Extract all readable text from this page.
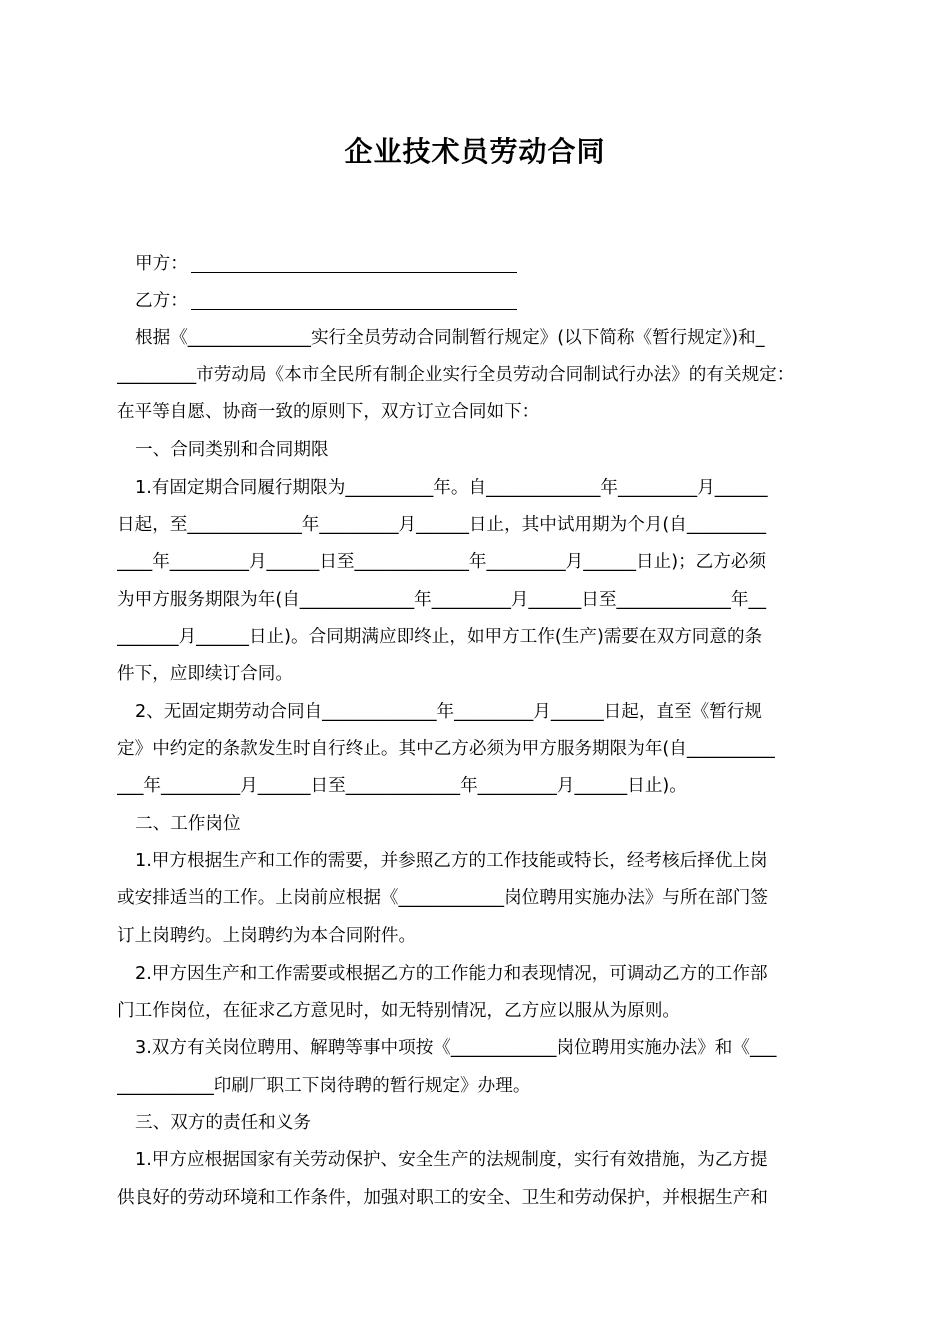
企业技术员劳动合同
甲方：
乙方：
根据《______________实行全员劳动合同制暂行规定》(以下简称《暂行规定》)和_
_________市劳动局《本市全民所有制企业实行全员劳动合同制试行办法》的有关规定：
在平等自愿、协商一致的原则下，双方订立合同如下：
一、合同类别和合同期限
1.有固定期合同履行期限为__________年。自_____________年_________月______
日起，至_____________年_________月______日止，其中试用期为个月(自_________
____年_________月______日至_____________年_________月______日止)；乙方必须
为甲方服务期限为年(自_____________年_________月______日至_____________年__
_______月______日止)。合同期满应即终止，如甲方工作(生产)需要在双方同意的条
件下，应即续订合同。
2、无固定期劳动合同自_____________年_________月______日起，直至《暂行规
定》中约定的条款发生时自行终止。其中乙方必须为甲方服务期限为年(自__________
___年_________月______日至_____________年_________月______日止)。
二、工作岗位
1.甲方根据生产和工作的需要，并参照乙方的工作技能或特长，经考核后择优上岗
或安排适当的工作。上岗前应根据《____________岗位聘用实施办法》与所在部门签
订上岗聘约。上岗聘约为本合同附件。
2.甲方因生产和工作需要或根据乙方的工作能力和表现情况，可调动乙方的工作部
门工作岗位，在征求乙方意见时，如无特别情况，乙方应以服从为原则。
3.双方有关岗位聘用、解聘等事中项按《____________岗位聘用实施办法》和《___
___________印刷厂职工下岗待聘的暂行规定》办理。
三、双方的责任和义务
1.甲方应根据国家有关劳动保护、安全生产的法规制度，实行有效措施，为乙方提
供良好的劳动环境和工作条件，加强对职工的安全、卫生和劳动保护，并根据生产和
